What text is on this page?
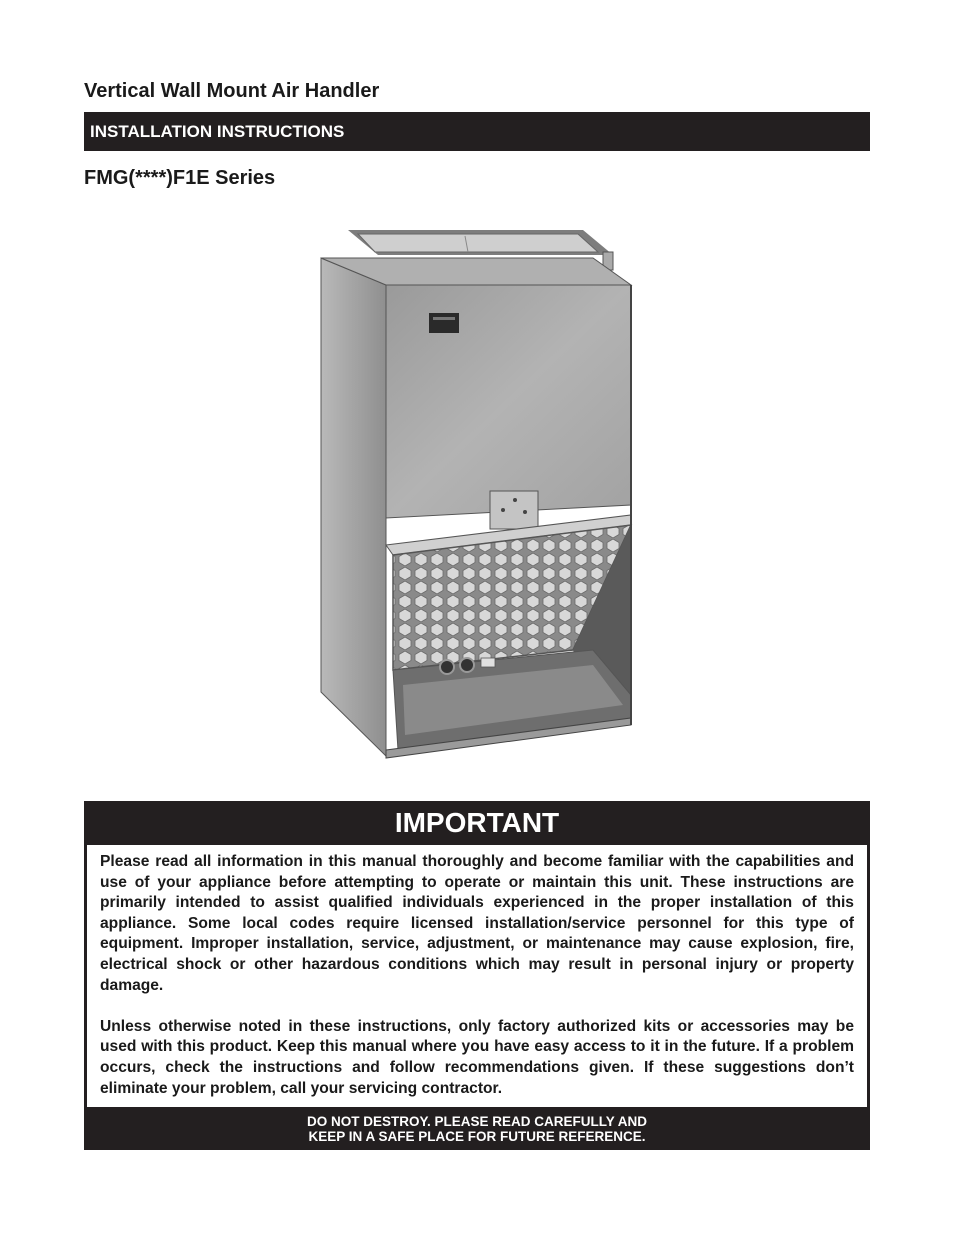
Vertical Wall Mount Air Handler
INSTALLATION INSTRUCTIONS
FMG(****)F1E Series
IMPORTANT

Please read all information in this manual thoroughly and become familiar with the capabilities and use of your appliance before attempting to operate or maintain this unit. These instructions are primarily intended to assist qualified individuals experienced in the proper installation of this appliance. Some local codes require licensed installation/service personnel for this type of equipment. Improper installation, service, adjustment, or maintenance may cause explosion, fire, electrical shock or other hazardous conditions which may result in personal injury or property damage.

Unless otherwise noted in these instructions, only factory authorized kits or accessories may be used with this product. Keep this manual where you have easy access to it in the future. If a problem occurs, check the instructions and follow recommendations given. If these suggestions don’t eliminate your problem, call your servicing contractor.

DO NOT DESTROY. PLEASE READ CAREFULLY AND
KEEP IN A SAFE PLACE FOR FUTURE REFERENCE.
